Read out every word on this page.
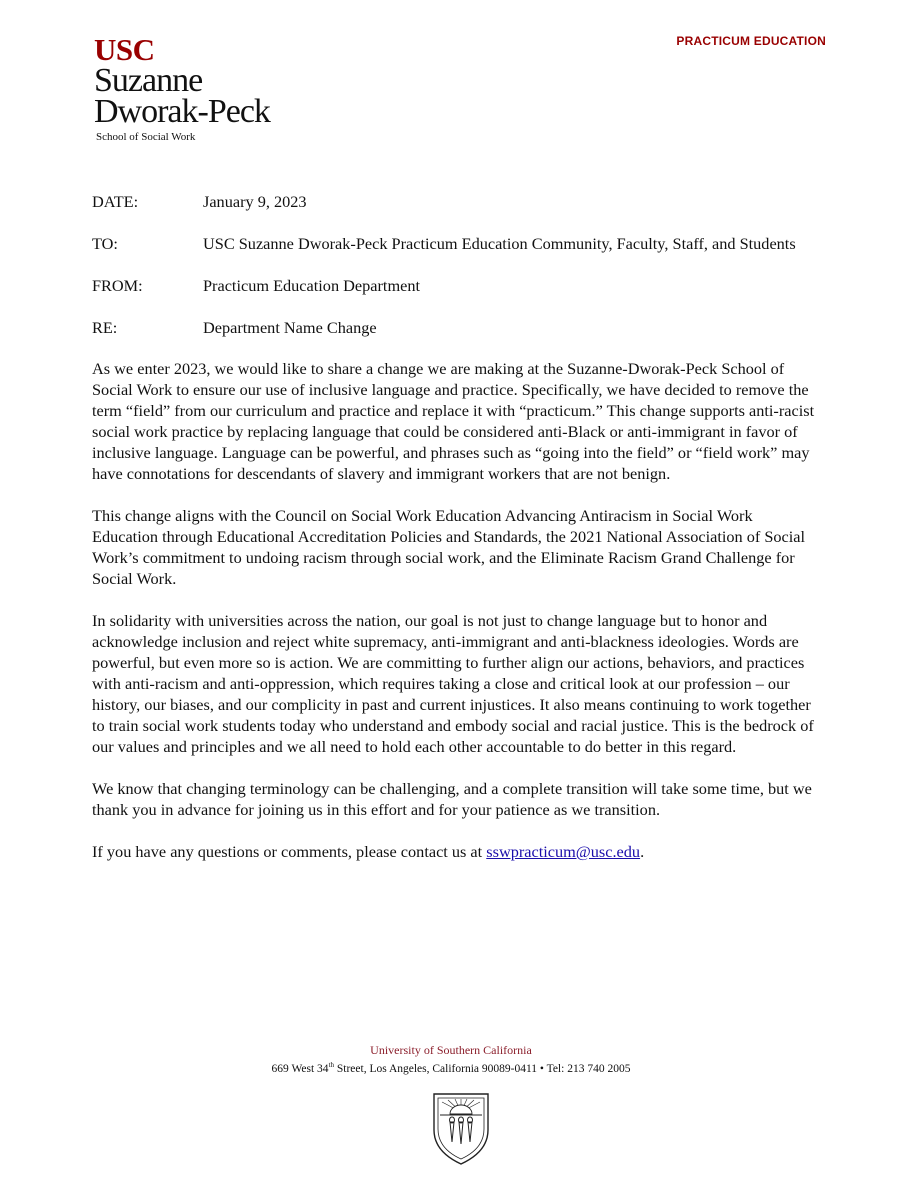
USC
Suzanne
Dworak-Peck
School of Social Work
PRACTICUM EDUCATION
DATE:	January 9, 2023
TO:	USC Suzanne Dworak-Peck Practicum Education Community, Faculty, Staff, and Students
FROM:	Practicum Education Department
RE:	Department Name Change

As we enter 2023, we would like to share a change we are making at the Suzanne-Dworak-Peck School of Social Work to ensure our use of inclusive language and practice. Specifically, we have decided to remove the term “field” from our curriculum and practice and replace it with “practicum.” This change supports anti-racist social work practice by replacing language that could be considered anti-Black or anti-immigrant in favor of inclusive language. Language can be powerful, and phrases such as “going into the field” or “field work” may have connotations for descendants of slavery and immigrant workers that are not benign.

This change aligns with the Council on Social Work Education Advancing Antiracism in Social Work Education through Educational Accreditation Policies and Standards, the 2021 National Association of Social Work’s commitment to undoing racism through social work, and the Eliminate Racism Grand Challenge for Social Work.

In solidarity with universities across the nation, our goal is not just to change language but to honor and acknowledge inclusion and reject white supremacy, anti-immigrant and anti-blackness ideologies. Words are powerful, but even more so is action. We are committing to further align our actions, behaviors, and practices with anti-racism and anti-oppression, which requires taking a close and critical look at our profession – our history, our biases, and our complicity in past and current injustices. It also means continuing to work together to train social work students today who understand and embody social and racial justice. This is the bedrock of our values and principles and we all need to hold each other accountable to do better in this regard.

We know that changing terminology can be challenging, and a complete transition will take some time, but we thank you in advance for joining us in this effort and for your patience as we transition.

If you have any questions or comments, please contact us at sswpracticum@usc.edu.

University of Southern California
669 West 34th Street, Los Angeles, California 90089-0411 • Tel: 213 740 2005
